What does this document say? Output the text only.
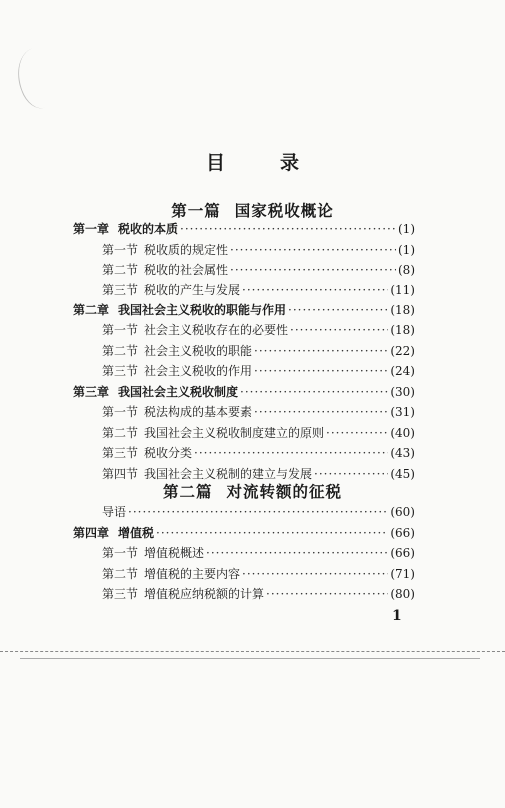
目　录
第一篇 国家税收概论
第一章 税收的本质 ·····	(1)
第一节 税收质的规定性 ·····	(1)
第二节 税收的社会属性 ·····	(8)
第三节 税收的产生与发展 ·····	(11)
第二章 我国社会主义税收的职能与作用 ·····	(18)
第一节 社会主义税收存在的必要性 ·····	(18)
第二节 社会主义税收的职能 ·····	(22)
第三节 社会主义税收的作用 ·····	(24)
第三章 我国社会主义税收制度 ·····	(30)
第一节 税法构成的基本要素 ·····	(31)
第二节 我国社会主义税收制度建立的原则 ·····	(40)
第三节 税收分类 ·····	(43)
第四节 我国社会主义税制的建立与发展 ·····	(45)
第二篇 对流转额的征税
导语 ·····	(60)
第四章 增值税 ·····	(66)
第一节 增值税概述 ·····	(66)
第二节 增值税的主要内容 ·····	(71)
第三节 增值税应纳税额的计算 ·····	(80)
1
